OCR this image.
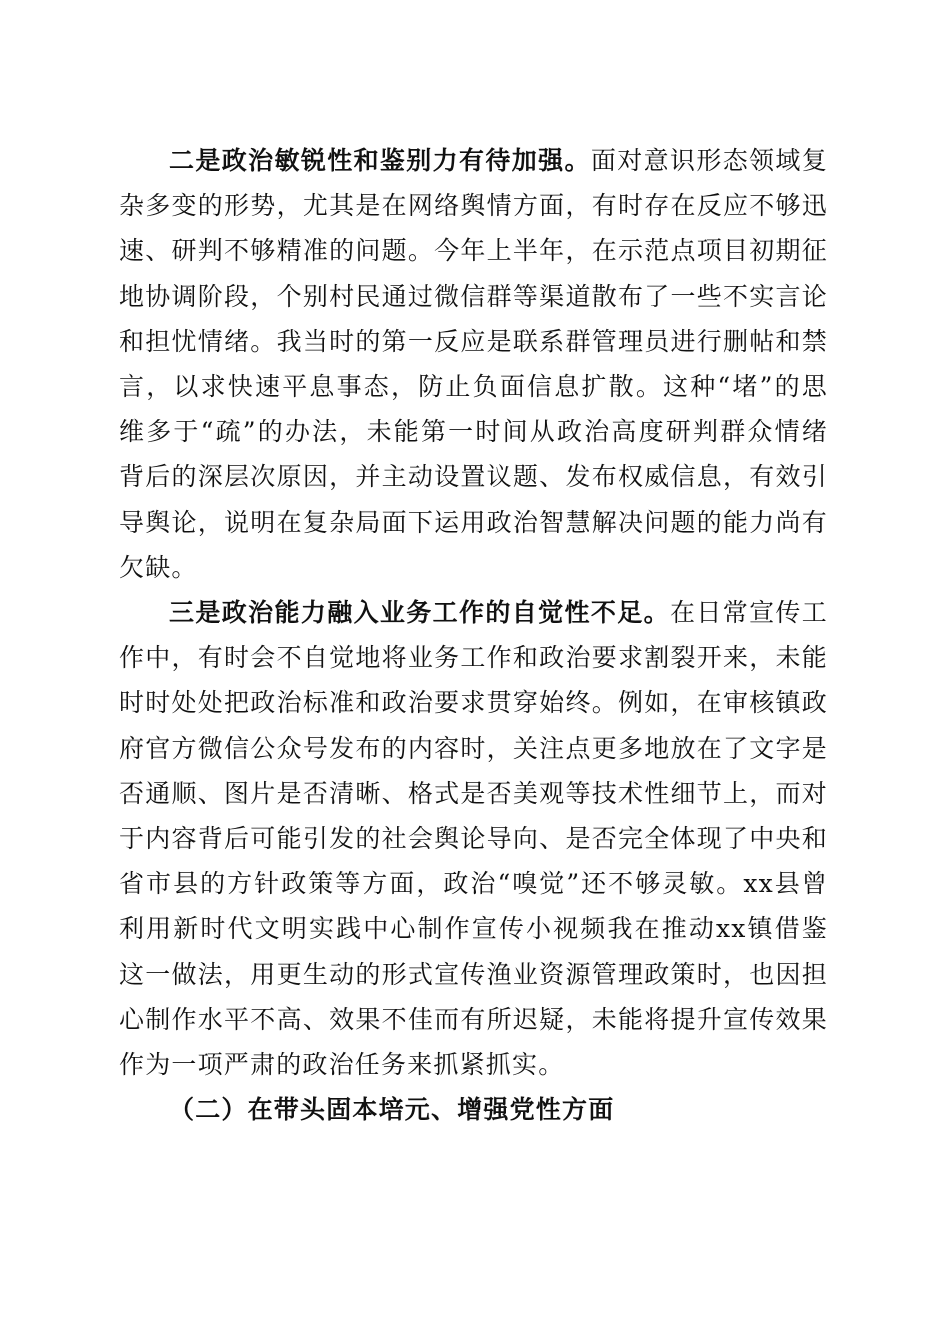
二是政治敏锐性和鉴别力有待加强。面对意识形态领域复杂多变的形势，尤其是在网络舆情方面，有时存在反应不够迅速、研判不够精准的问题。今年上半年，在示范点项目初期征地协调阶段，个别村民通过微信群等渠道散布了一些不实言论和担忧情绪。我当时的第一反应是联系群管理员进行删帖和禁言，以求快速平息事态，防止负面信息扩散。这种“堵”的思维多于“疏”的办法，未能第一时间从政治高度研判群众情绪背后的深层次原因，并主动设置议题、发布权威信息，有效引导舆论，说明在复杂局面下运用政治智慧解决问题的能力尚有欠缺。

三是政治能力融入业务工作的自觉性不足。在日常宣传工作中，有时会不自觉地将业务工作和政治要求割裂开来，未能时时处处把政治标准和政治要求贯穿始终。例如，在审核镇政府官方微信公众号发布的内容时，关注点更多地放在了文字是否通顺、图片是否清晰、格式是否美观等技术性细节上，而对于内容背后可能引发的社会舆论导向、是否完全体现了中央和省市县的方针政策等方面，政治“嗅觉”还不够灵敏。xx县曾利用新时代文明实践中心制作宣传小视频我在推动xx镇借鉴这一做法，用更生动的形式宣传渔业资源管理政策时，也因担心制作水平不高、效果不佳而有所迟疑，未能将提升宣传效果作为一项严肃的政治任务来抓紧抓实。

（二）在带头固本培元、增强党性方面
